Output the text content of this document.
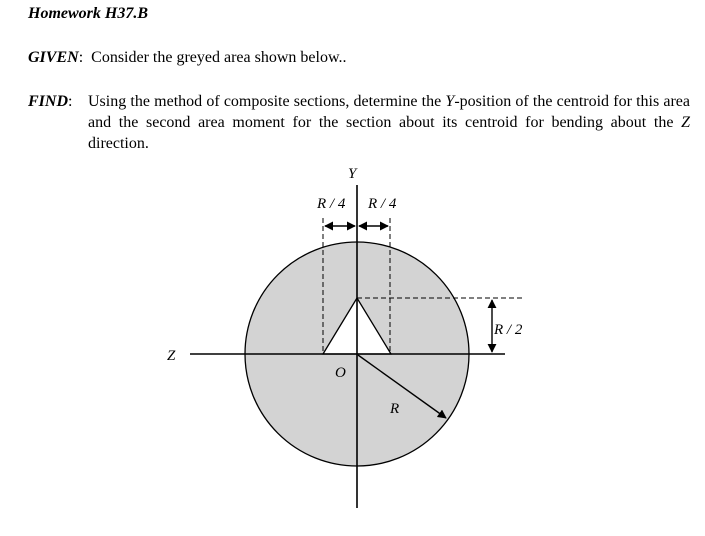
Homework H37.B
GIVEN:  Consider the greyed area shown below..
FIND: Using the method of composite sections, determine the Y-position of the centroid for this area and the second area moment for the section about its centroid for bending about the Z direction.
Y
Z
O
R
R / 4 R / 4
R / 2
